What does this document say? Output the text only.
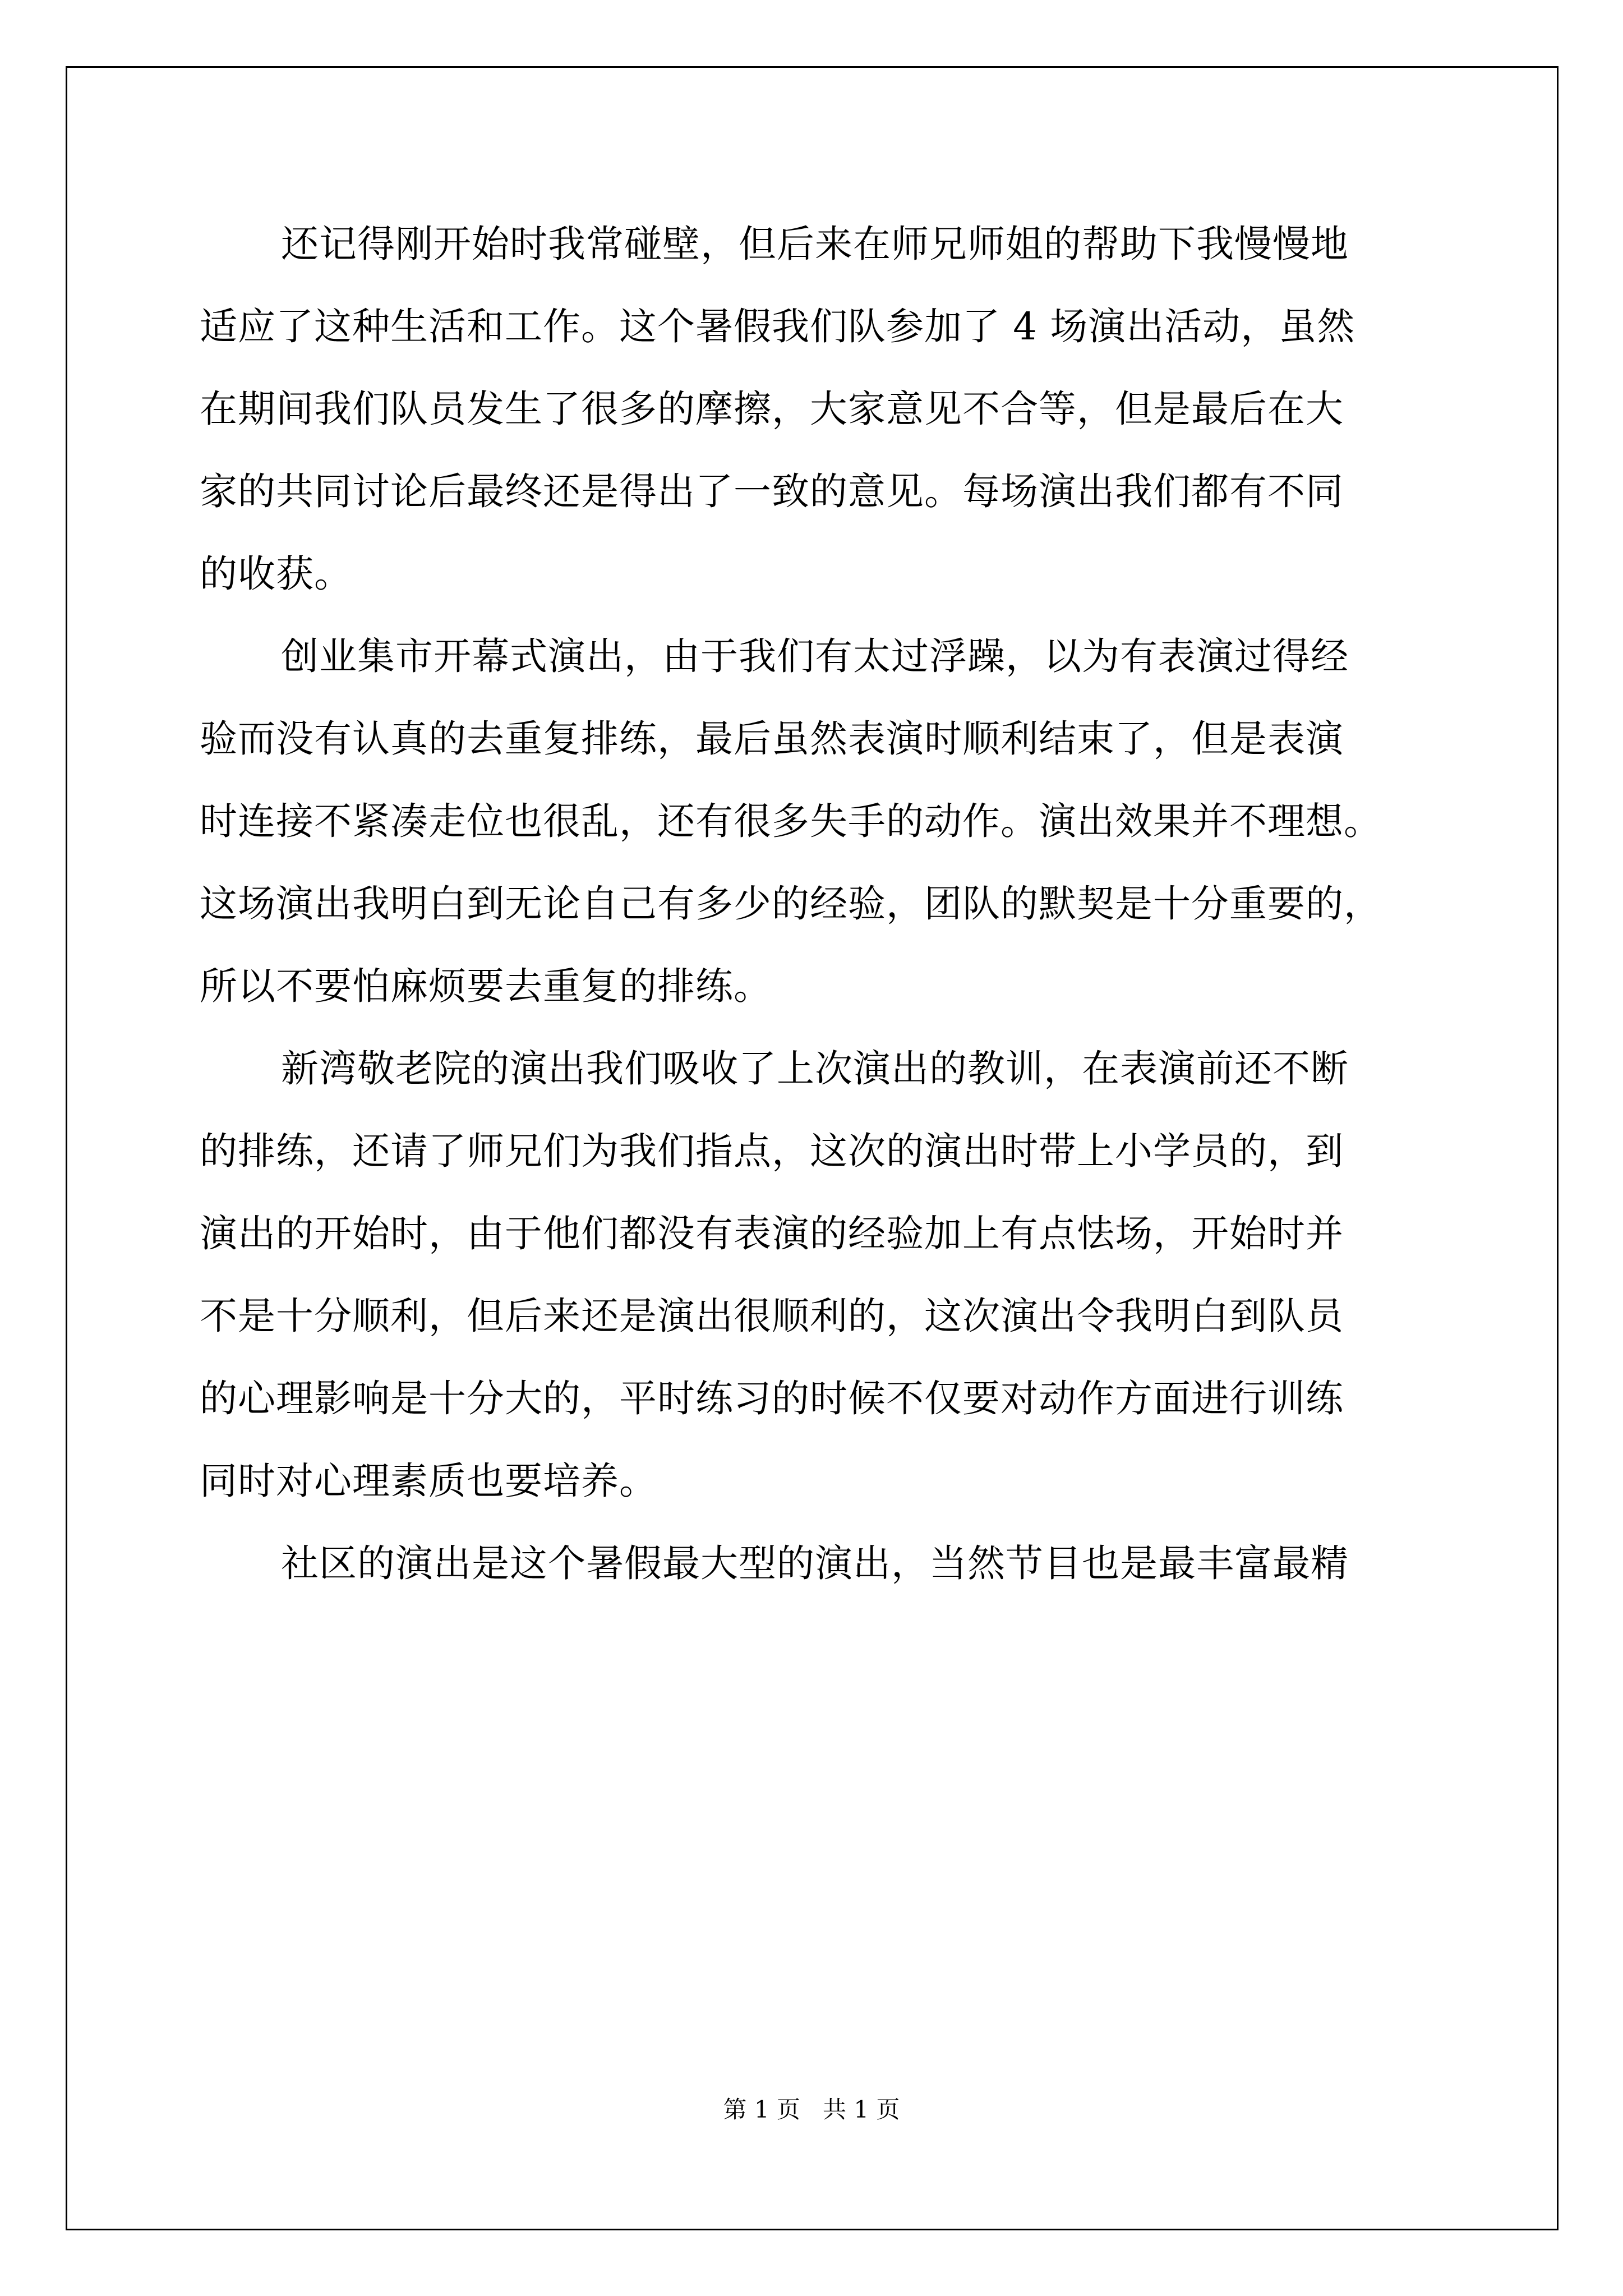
还记得刚开始时我常碰壁，但后来在师兄师姐的帮助下我慢慢地
适应了这种生活和工作。这个暑假我们队参加了 4 场演出活动，虽然
在期间我们队员发生了很多的摩擦，大家意见不合等，但是最后在大
家的共同讨论后最终还是得出了一致的意见。每场演出我们都有不同
的收获。
创业集市开幕式演出，由于我们有太过浮躁，以为有表演过得经
验而没有认真的去重复排练，最后虽然表演时顺利结束了，但是表演
时连接不紧凑走位也很乱，还有很多失手的动作。演出效果并不理想。
这场演出我明白到无论自己有多少的经验，团队的默契是十分重要的，
所以不要怕麻烦要去重复的排练。
新湾敬老院的演出我们吸收了上次演出的教训，在表演前还不断
的排练，还请了师兄们为我们指点，这次的演出时带上小学员的，到
演出的开始时，由于他们都没有表演的经验加上有点怯场，开始时并
不是十分顺利，但后来还是演出很顺利的，这次演出令我明白到队员
的心理影响是十分大的，平时练习的时候不仅要对动作方面进行训练
同时对心理素质也要培养。
社区的演出是这个暑假最大型的演出，当然节目也是最丰富最精
第 1 页 共 1 页
